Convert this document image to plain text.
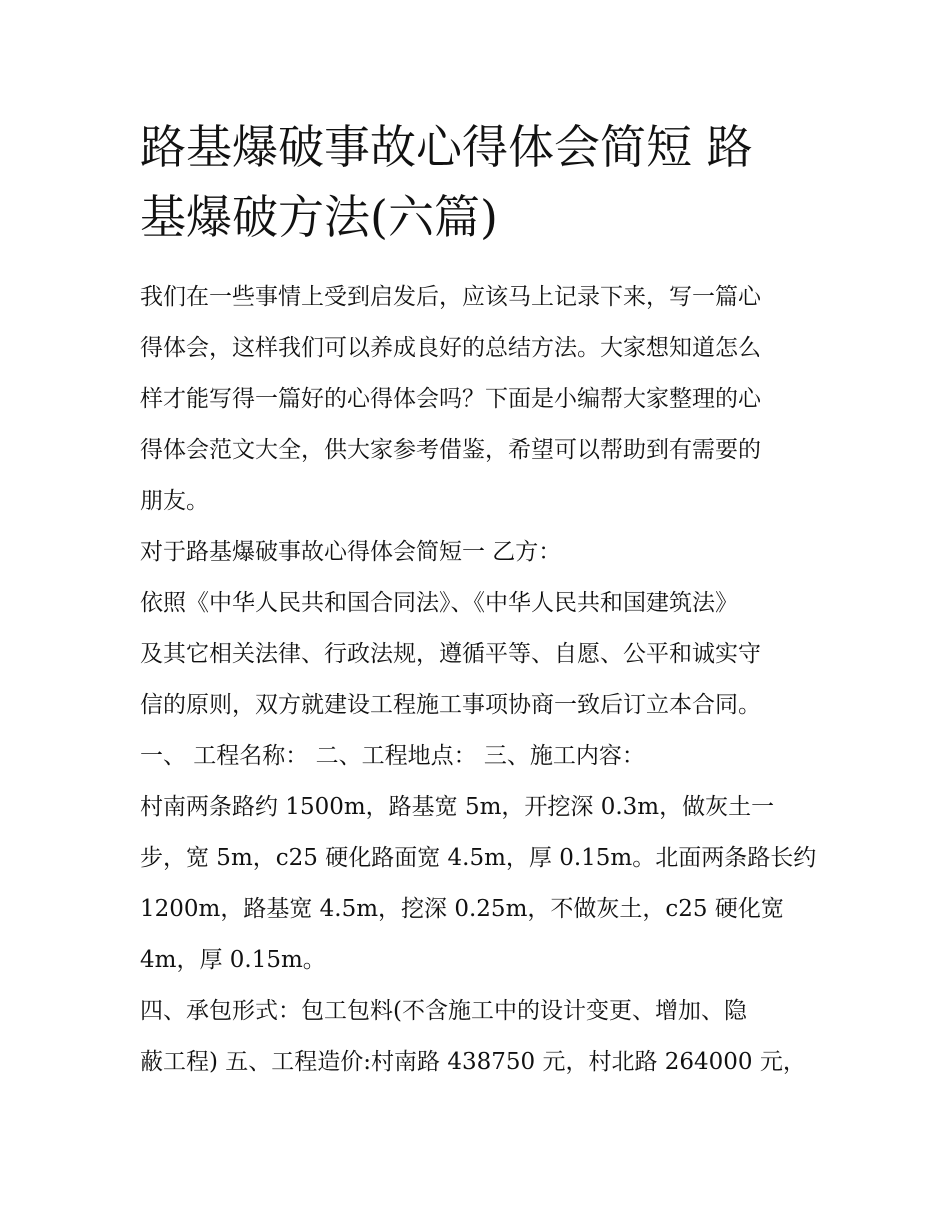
路基爆破事故心得体会简短 路
基爆破方法(六篇)

我们在一些事情上受到启发后，应该马上记录下来，写一篇心
得体会，这样我们可以养成良好的总结方法。大家想知道怎么
样才能写得一篇好的心得体会吗？下面是小编帮大家整理的心
得体会范文大全，供大家参考借鉴，希望可以帮助到有需要的
朋友。

对于路基爆破事故心得体会简短一 乙方：

依照《中华人民共和国合同法》、《中华人民共和国建筑法》
及其它相关法律、行政法规，遵循平等、自愿、公平和诚实守
信的原则，双方就建设工程施工事项协商一致后订立本合同。

一、 工程名称： 二、工程地点： 三、施工内容：

村南两条路约 1500m，路基宽 5m，开挖深 0.3m，做灰土一
步，宽 5m，c25 硬化路面宽 4.5m，厚 0.15m。北面两条路长约
1200m，路基宽 4.5m，挖深 0.25m，不做灰土，c25 硬化宽
4m，厚 0.15m。

四、承包形式：包工包料(不含施工中的设计变更、增加、隐
蔽工程) 五、工程造价:村南路 438750 元，村北路 264000 元，
